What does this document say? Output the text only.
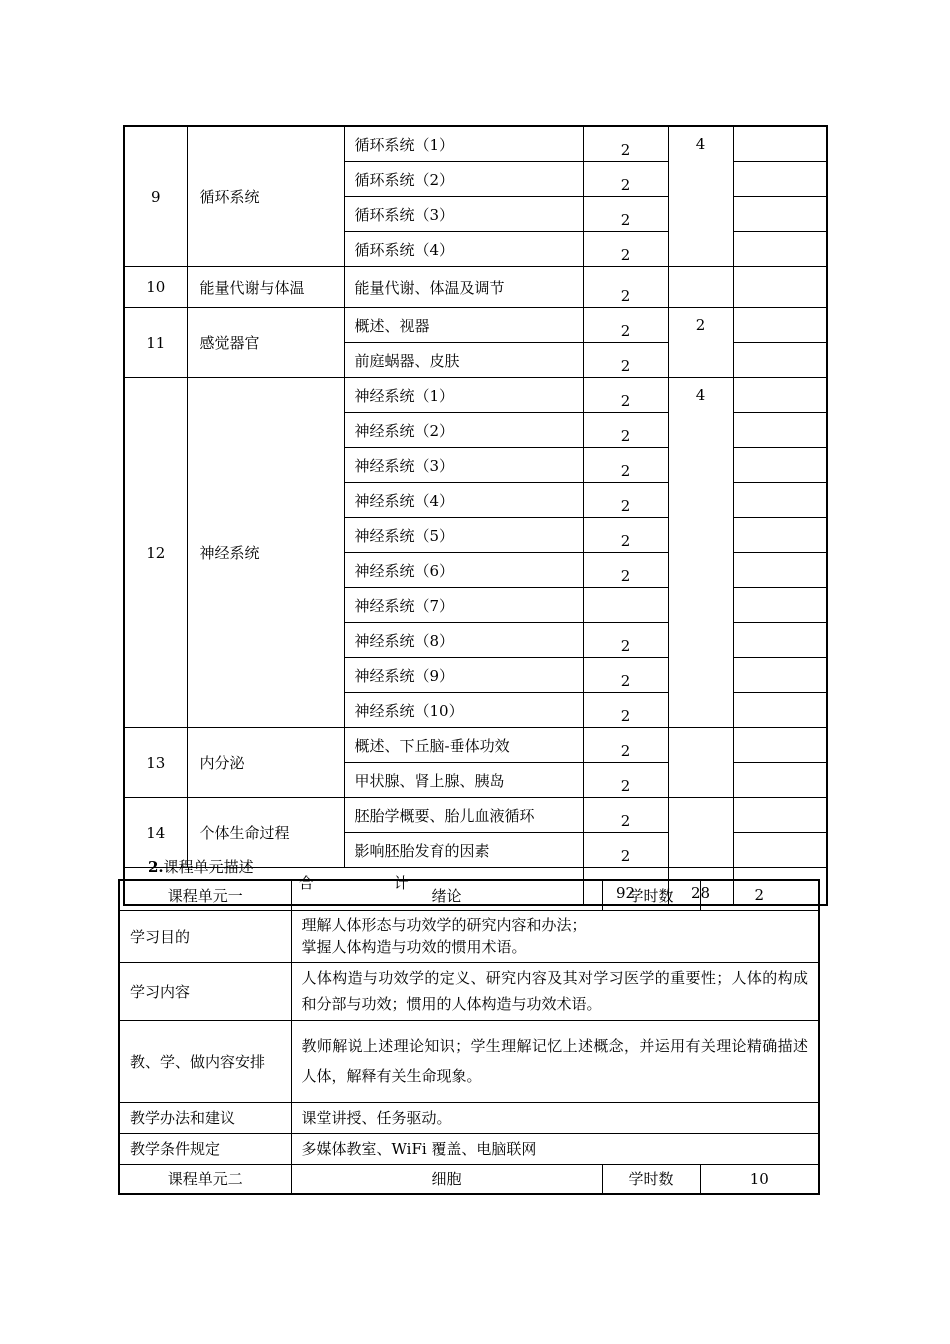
9	循环系统	循环系统（1）	2	4	
		循环系统（2）	2		
		循环系统（3）	2		
		循环系统（4）	2		
10	能量代谢与体温	能量代谢、体温及调节	2		
11	感觉器官	概述、视器	2	2	
		前庭蜗器、皮肤	2		
12	神经系统	神经系统（1）	2	4	
		神经系统（2）	2		
		神经系统（3）	2		
		神经系统（4）	2		
		神经系统（5）	2		
		神经系统（6）	2		
		神经系统（7）			
		神经系统（8）	2		
		神经系统（9）	2		
		神经系统（10）	2		
13	内分泌	概述、下丘脑-垂体功效	2		
		甲状腺、肾上腺、胰岛	2		
14	个体生命过程	胚胎学概要、胎儿血液循环	2		
		影响胚胎发育的因素	2		
合 计			92	28	
2.课程单元描述
课程单元一	绪论	学时数	2
学习目的	理解人体形态与功效学的研究内容和办法；
掌握人体构造与功效的惯用术语。		

学习内容	人体构造与功效学的定义、研究内容及其对学习医学的重要性；人体的构成和分部与功效；惯用的人体构造与功效术语。		
教、学、做内容安排	教师解说上述理论知识；学生理解记忆上述概念，并运用有关理论精确描述人体，解释有关生命现象。		
教学办法和建议	课堂讲授、任务驱动。		
教学条件规定	多媒体教室、WiFi 覆盖、电脑联网		
课程单元二	细胞	学时数	10
